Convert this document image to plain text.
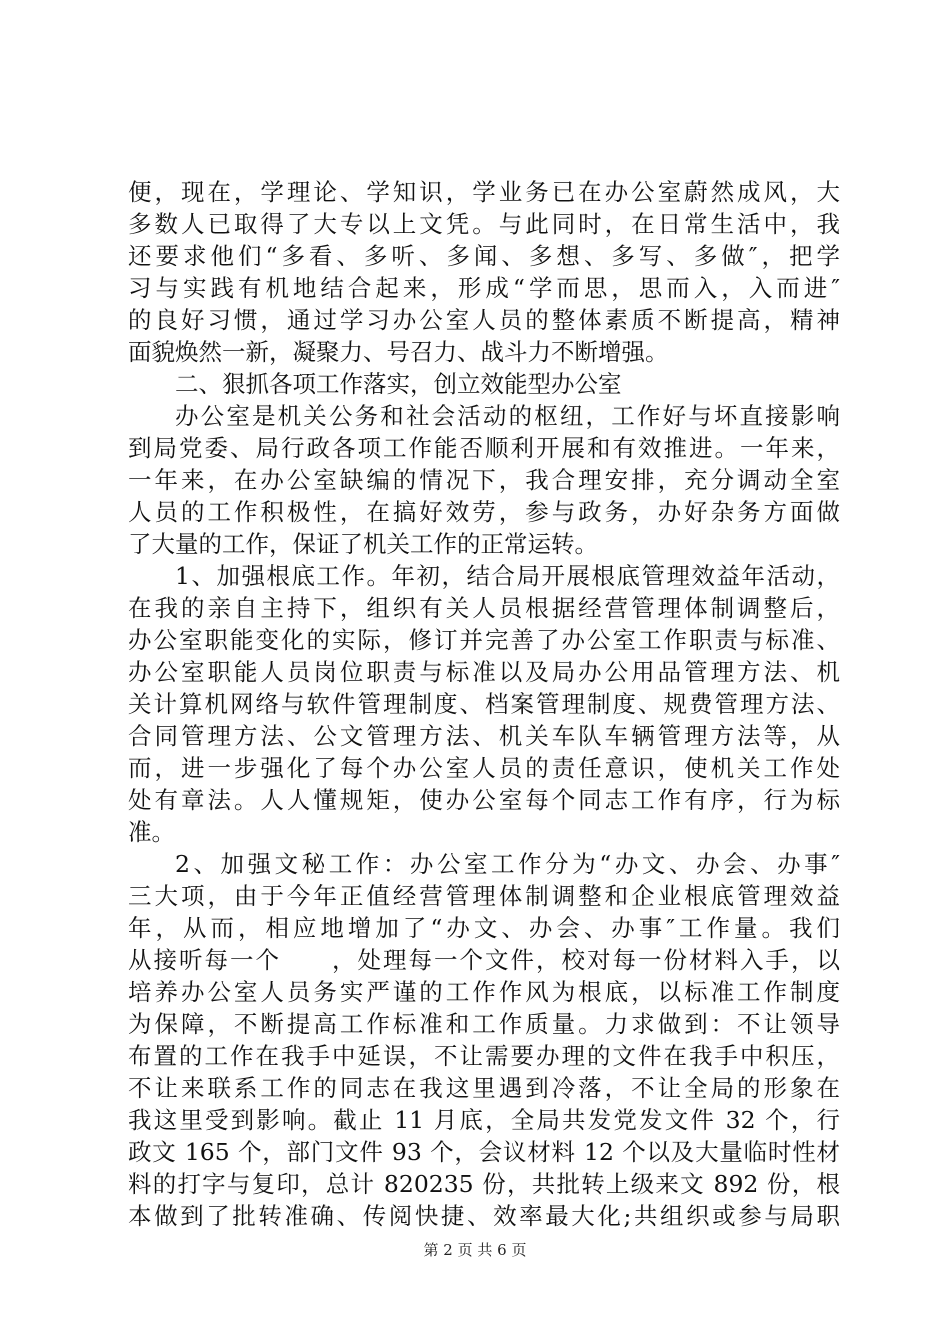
便，现在，学理论、学知识，学业务已在办公室蔚然成风，大
多数人已取得了大专以上文凭。与此同时，在日常生活中，我
还要求他们“多看、多听、多闻、多想、多写、多做″，把学
习与实践有机地结合起来，形成“学而思，思而入，入而进″
的良好习惯，通过学习办公室人员的整体素质不断提高，精神
面貌焕然一新，凝聚力、号召力、战斗力不断增强。
二、狠抓各项工作落实，创立效能型办公室
办公室是机关公务和社会活动的枢纽，工作好与坏直接影响
到局党委、局行政各项工作能否顺利开展和有效推进。一年来，
一年来，在办公室缺编的情况下，我合理安排，充分调动全室
人员的工作积极性，在搞好效劳，参与政务，办好杂务方面做
了大量的工作，保证了机关工作的正常运转。
1、加强根底工作。年初，结合局开展根底管理效益年活动，
在我的亲自主持下，组织有关人员根据经营管理体制调整后，
办公室职能变化的实际，修订并完善了办公室工作职责与标准、
办公室职能人员岗位职责与标准以及局办公用品管理方法、机
关计算机网络与软件管理制度、档案管理制度、规费管理方法、
合同管理方法、公文管理方法、机关车队车辆管理方法等，从
而，进一步强化了每个办公室人员的责任意识，使机关工作处
处有章法。人人懂规矩，使办公室每个同志工作有序，行为标
准。
2、加强文秘工作：办公室工作分为“办文、办会、办事″
三大项，由于今年正值经营管理体制调整和企业根底管理效益
年，从而，相应地增加了“办文、办会、办事″工作量。我们
从接听每一个　　，处理每一个文件，校对每一份材料入手，以
培养办公室人员务实严谨的工作作风为根底，以标准工作制度
为保障，不断提高工作标准和工作质量。力求做到：不让领导
布置的工作在我手中延误，不让需要办理的文件在我手中积压，
不让来联系工作的同志在我这里遇到冷落，不让全局的形象在
我这里受到影响。截止 11 月底，全局共发党发文件 32 个，行
政文 165 个，部门文件 93 个，会议材料 12 个以及大量临时性材
料的打字与复印，总计 820235 份，共批转上级来文 892 份，根
本做到了批转准确、传阅快捷、效率最大化;共组织或参与局职
第 2 页 共 6 页
